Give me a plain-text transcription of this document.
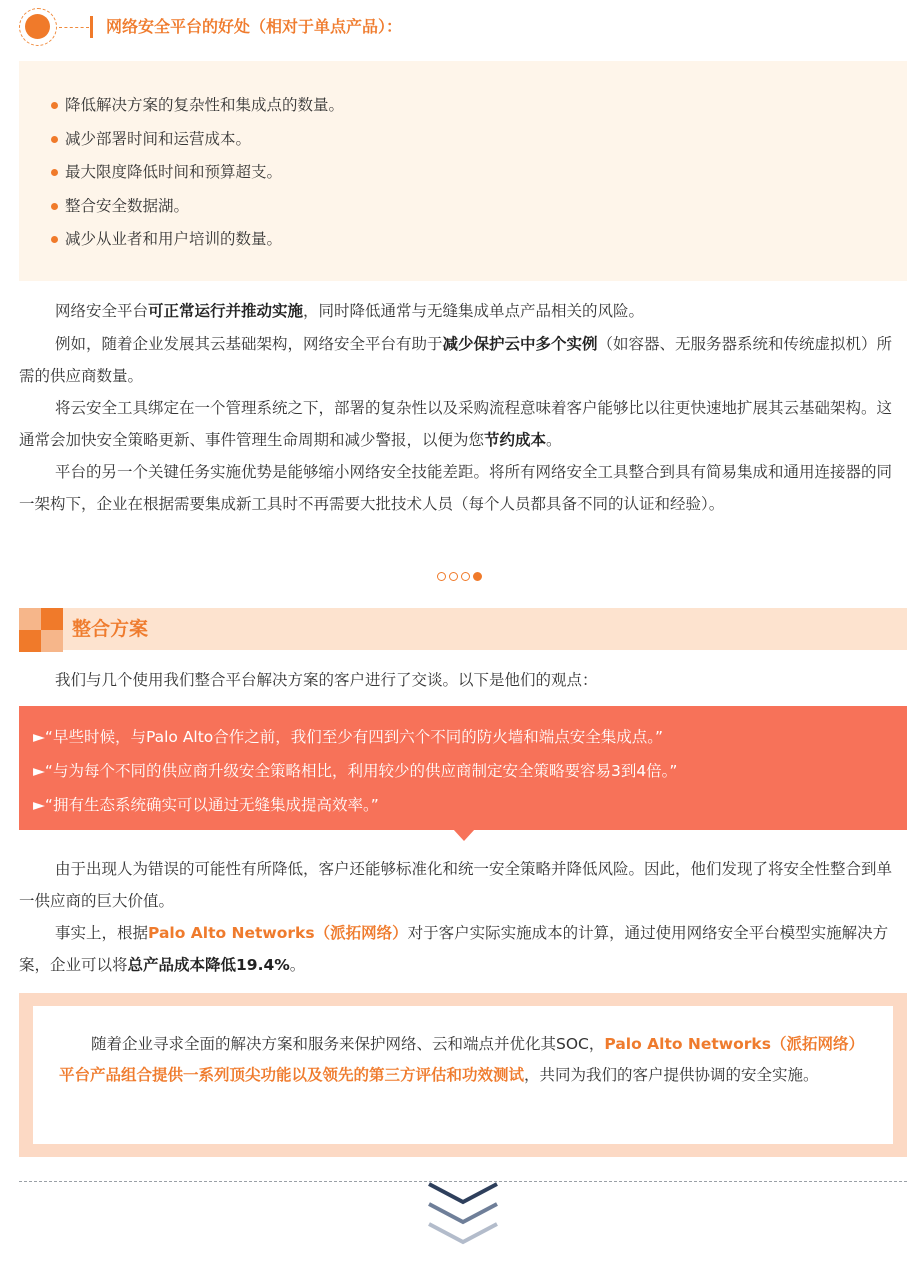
网络安全平台的好处（相对于单点产品）：
降低解决方案的复杂性和集成点的数量。
减少部署时间和运营成本。
最大限度降低时间和预算超支。
整合安全数据湖。
减少从业者和用户培训的数量。

网络安全平台可正常运行并推动实施，同时降低通常与无缝集成单点产品相关的风险。

例如，随着企业发展其云基础架构，网络安全平台有助于减少保护云中多个实例（如容器、无服务器系统和传统虚拟机）所需的供应商数量。

将云安全工具绑定在一个管理系统之下，部署的复杂性以及采购流程意味着客户能够比以往更快速地扩展其云基础架构。这通常会加快安全策略更新、事件管理生命周期和减少警报，以便为您节约成本。

平台的另一个关键任务实施优势是能够缩小网络安全技能差距。将所有网络安全工具整合到具有简易集成和通用连接器的同一架构下，企业在根据需要集成新工具时不再需要大批技术人员（每个人员都具备不同的认证和经验）。

整合方案

我们与几个使用我们整合平台解决方案的客户进行了交谈。以下是他们的观点：

►“早些时候，与Palo Alto合作之前，我们至少有四到六个不同的防火墙和端点安全集成点。”
►“与为每个不同的供应商升级安全策略相比，利用较少的供应商制定安全策略要容易3到4倍。”
►“拥有生态系统确实可以通过无缝集成提高效率。”

由于出现人为错误的可能性有所降低，客户还能够标准化和统一安全策略并降低风险。因此，他们发现了将安全性整合到单一供应商的巨大价值。

事实上，根据Palo Alto Networks（派拓网络）对于客户实际实施成本的计算，通过使用网络安全平台模型实施解决方案，企业可以将总产品成本降低19.4%。

随着企业寻求全面的解决方案和服务来保护网络、云和端点并优化其SOC，Palo Alto Networks（派拓网络）平台产品组合提供一系列顶尖功能以及领先的第三方评估和功效测试，共同为我们的客户提供协调的安全实施。
